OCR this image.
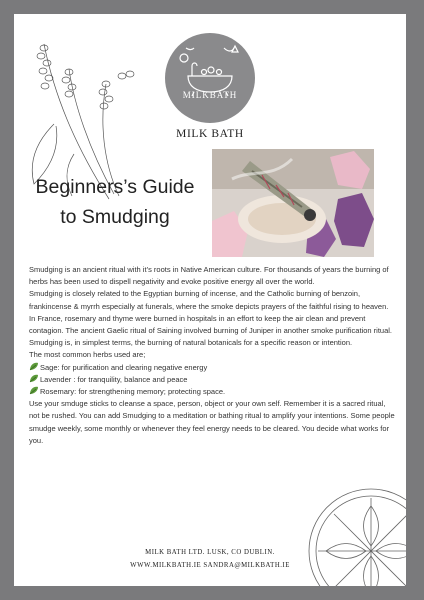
MILKBATH
MILK BATH
Beginners’s Guide
to Smudging

Smudging is an ancient ritual with it’s roots in Native American culture. For thousands of years the burning of herbs has been used to dispell negativity and evoke positive energy all over the world.

Smudging is closely related to the Egyptian burning of incense, and the Catholic burning of benzoin, frankincense & myrrh especially at funerals, where the smoke depicts prayers of the faithful rising to heaven.

In France, rosemary and thyme were burned in hospitals in an effort to keep the air clean and prevent contagion. The ancient Gaelic ritual of Saining involved burning of Juniper in another smoke purification ritual.

Smudging is, in simplest terms, the burning of natural botanicals for a specific reason or intention.

The most common herbs used are;

Sage: for purification and clearing negative energy

Lavender : for tranquility, balance and peace

Rosemary: for strengthening memory; protecting space.

Use your smduge sticks to cleanse a space, person, object or your own self. Remember it is a sacred ritual, not be rushed. You can add Smudging to a meditation or bathing ritual to amplify your intentions. Some people smudge weekly, some monthly or whenever they feel energy needs to be cleared. You decide what works for you.

MILK BATH LTD. LUSK, CO DUBLIN.
WWW.MILKBATH.IE SANDRA@MILKBATH.IE
